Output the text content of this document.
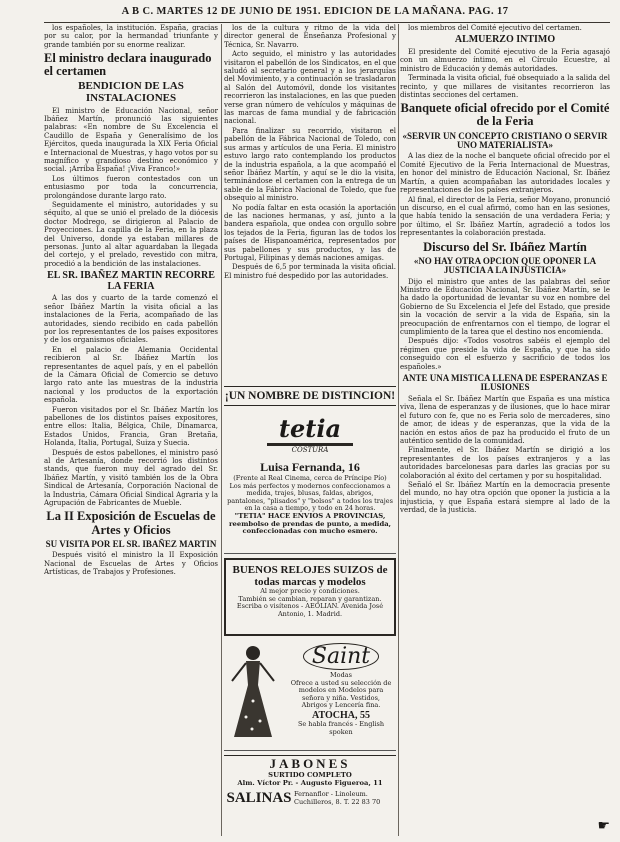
A B C. MARTES 12 DE JUNIO DE 1951. EDICION DE LA MAÑANA. PAG. 17

los españoles, la institución. España, gracias por su calor, por la hermandad triunfante y grande también por su enorme realizar.

El ministro declara inaugurado el certamen
BENDICION DE LAS INSTALACIONES

El ministro de Educación Nacional, señor Ibáñez Martín, pronunció las siguientes palabras: «En nombre de Su Excelencia el Caudillo de España y Generalísimo de los Ejércitos, queda inaugurada la XIX Feria Oficial e Internacional de Muestras, y hago votos por su magnífico y grandioso destino económico y social. ¡Arriba España! ¡Viva Franco!»

Los últimos fueron contestados con un entusiasmo por toda la concurrencia, prolongándose durante largo rato.

Seguidamente el ministro, autoridades y su séquito, al que se unió el prelado de la diócesis doctor Modrego, se dirigieron al Palacio de Proyecciones. La capilla de la Feria, en la plaza del Universo, donde ya estaban millares de personas. Junto al altar aguardaban la llegada del cortejo, y el prelado, revestido con mitra, procedió a la bendición de las instalaciones.

EL SR. IBAÑEZ MARTIN RECORRE LA FERIA

A las dos y cuarto de la tarde comenzó el señor Ibáñez Martín la visita oficial a las instalaciones de la Feria, acompañado de las autoridades, siendo recibido en cada pabellón por los representantes de los países expositores y de los organismos oficiales.

En el palacio de Alemania Occidental recibieron al Sr. Ibáñez Martín los representantes de aquel país, y en el pabellón de la Cámara Oficial de Comercio se detuvo largo rato ante las muestras de la industria nacional y los productos de la exportación española.

Fueron visitados por el Sr. Ibáñez Martín los pabellones de los distintos países expositores, entre ellos: Italia, Bélgica, Chile, Dinamarca, Estados Unidos, Francia, Gran Bretaña, Holanda, Italia, Portugal, Suiza y Suecia.

Después de estos pabellones, el ministro pasó al de Artesanía, donde recorrió los distintos stands, que fueron muy del agrado del Sr. Ibáñez Martín, y visitó también los de la Obra Sindical de Artesanía, Corporación Nacional de la Industria, Cámara Oficial Sindical Agraria y la Agrupación de Fabricantes de Mueble.

La II Exposición de Escuelas de Artes y Oficios
SU VISITA POR EL SR. IBAÑEZ MARTIN

Después visitó el ministro la II Exposición Nacional de Escuelas de Artes y Oficios Artísticas, de Trabajos y Profesiones.

los de la cultura y ritmo de la vida del director general de Enseñanza Profesional y Técnica, Sr. Navarro.

Acto seguido, el ministro y las autoridades visitaron el pabellón de los Sindicatos, en el que saludó al secretario general y a los jerarquías del Movimiento, y a continuación se trasladaron al Salón del Automóvil, donde los visitantes recorrieron las instalaciones, en las que pueden verse gran número de vehículos y máquinas de las marcas de fama mundial y de fabricación nacional.

Para finalizar su recorrido, visitaron el pabellón de la Fábrica Nacional de Toledo, con sus armas y artículos de una Feria. El ministro estuvo largo rato contemplando los productos de la industria española, a la que acompañó el señor Ibáñez Martín, y aquí se le dio la visita, terminándose el certamen con la entrega de un sable de la Fábrica Nacional de Toledo, que fue obsequio al ministro.

No podía faltar en esta ocasión la aportación de las naciones hermanas, y así, junto a la bandera española, que ondea con orgullo sobre los tejados de la Feria, figuran las de todos los países de Hispanoamérica, representados por sus pabellones y sus productos, y las de Portugal, Filipinas y demás naciones amigas.

Después de 6,5 por terminada la visita oficial. El ministro fué despedido por las autoridades.

¡UN NOMBRE DE DISTINCION!
tetia
COSTURA
Luisa Fernanda, 16
(Frente al Real Cinema, cerca de Príncipe Pío)
Los más perfectos y modernos confeccionamos a medida, trajes, blusas, faldas, abrigos, pantalones, "plisados" y "bolsos" a todos los trajes en la casa a tiempo, y todo en 24 horas.
"TETIA" HACE ENVIOS A PROVINCIAS, reembolso de prendas de punto, a medida, confeccionadas con mucho esmero.
BUENOS RELOJES SUIZOS de todas marcas y modelos
Al mejor precio y condiciones.
También se cambian, reparan y garantizan.
Escriba o visítenos - AEOLIAN. Avenida José Antonio, 1. Madrid.
Saint
Modas
Ofrece a usted su selección de modelos en Modelos para señora y niña. Vestidos, Abrigos y Lencería fina.
ATOCHA, 55
Se habla francés - English spoken
JABONES
SURTIDO COMPLETO
Alm. Víctor Pr. - Augusto Figueroa, 11
SALINAS Fernanflor - Linoleum. Cuchilleros, 8. T. 22 83 70

los miembros del Comité ejecutivo del certamen.

ALMUERZO INTIMO

El presidente del Comité ejecutivo de la Feria agasajó con un almuerzo íntimo, en el Círculo Ecuestre, al ministro de Educación y demás autoridades.

Terminada la visita oficial, fué obsequiado a la salida del recinto, y que millares de visitantes recorrieron las distintas secciones del certamen.

Banquete oficial ofrecido por el Comité de la Feria
«SERVIR UN CONCEPTO CRISTIANO O SERVIR UNO MATERIALISTA»

A las diez de la noche el banquete oficial ofrecido por el Comité Ejecutivo de la Feria Internacional de Muestras, en honor del ministro de Educación Nacional, Sr. Ibáñez Martín, a quien acompañaban las autoridades locales y representaciones de los países extranjeros.

Al final, el director de la Feria, señor Moyano, pronunció un discurso, en el cual afirmó, como han en las sesiones, que había tenido la sensación de una verdadera Feria; y por último, el Sr. Ibáñez Martín, agradeció a todos los representantes la colaboración prestada.

Discurso del Sr. Ibáñez Martín
«NO HAY OTRA OPCION QUE OPONER LA JUSTICIA A LA INJUSTICIA»

Dijo el ministro que antes de las palabras del señor Ministro de Educación Nacional, Sr. Ibáñez Martín, se le ha dado la oportunidad de levantar su voz en nombre del Gobierno de Su Excelencia el Jefe del Estado, que preside sin la vocación de servir a la vida de España, sin la preocupación de enfrentarnos con el tiempo, de lograr el cumplimiento de la tarea que el destino nos encomienda.

Después dijo: «Todos vosotros sabéis el ejemplo del régimen que preside la vida de España, y que ha sido conseguido con el esfuerzo y sacrificio de todos los españoles.»

ANTE UNA MISTICA LLENA DE ESPERANZAS E ILUSIONES

Señala el Sr. Ibáñez Martín que España es una mística viva, llena de esperanzas y de ilusiones, que lo hace mirar el futuro con fe, que no es Feria solo de mercaderes, sino de amor, de ideas y de esperanzas, que la vida de la nación en estos años de paz ha producido el fruto de un auténtico sentido de la comunidad.

Finalmente, el Sr. Ibáñez Martín se dirigió a los representantes de los países extranjeros y a las autoridades barcelonesas para darles las gracias por su colaboración al éxito del certamen y por su hospitalidad.

Señaló el Sr. Ibáñez Martín en la democracia presente del mundo, no hay otra opción que oponer la justicia a la injusticia, y que España estará siempre al lado de la verdad, de la justicia.

☛
